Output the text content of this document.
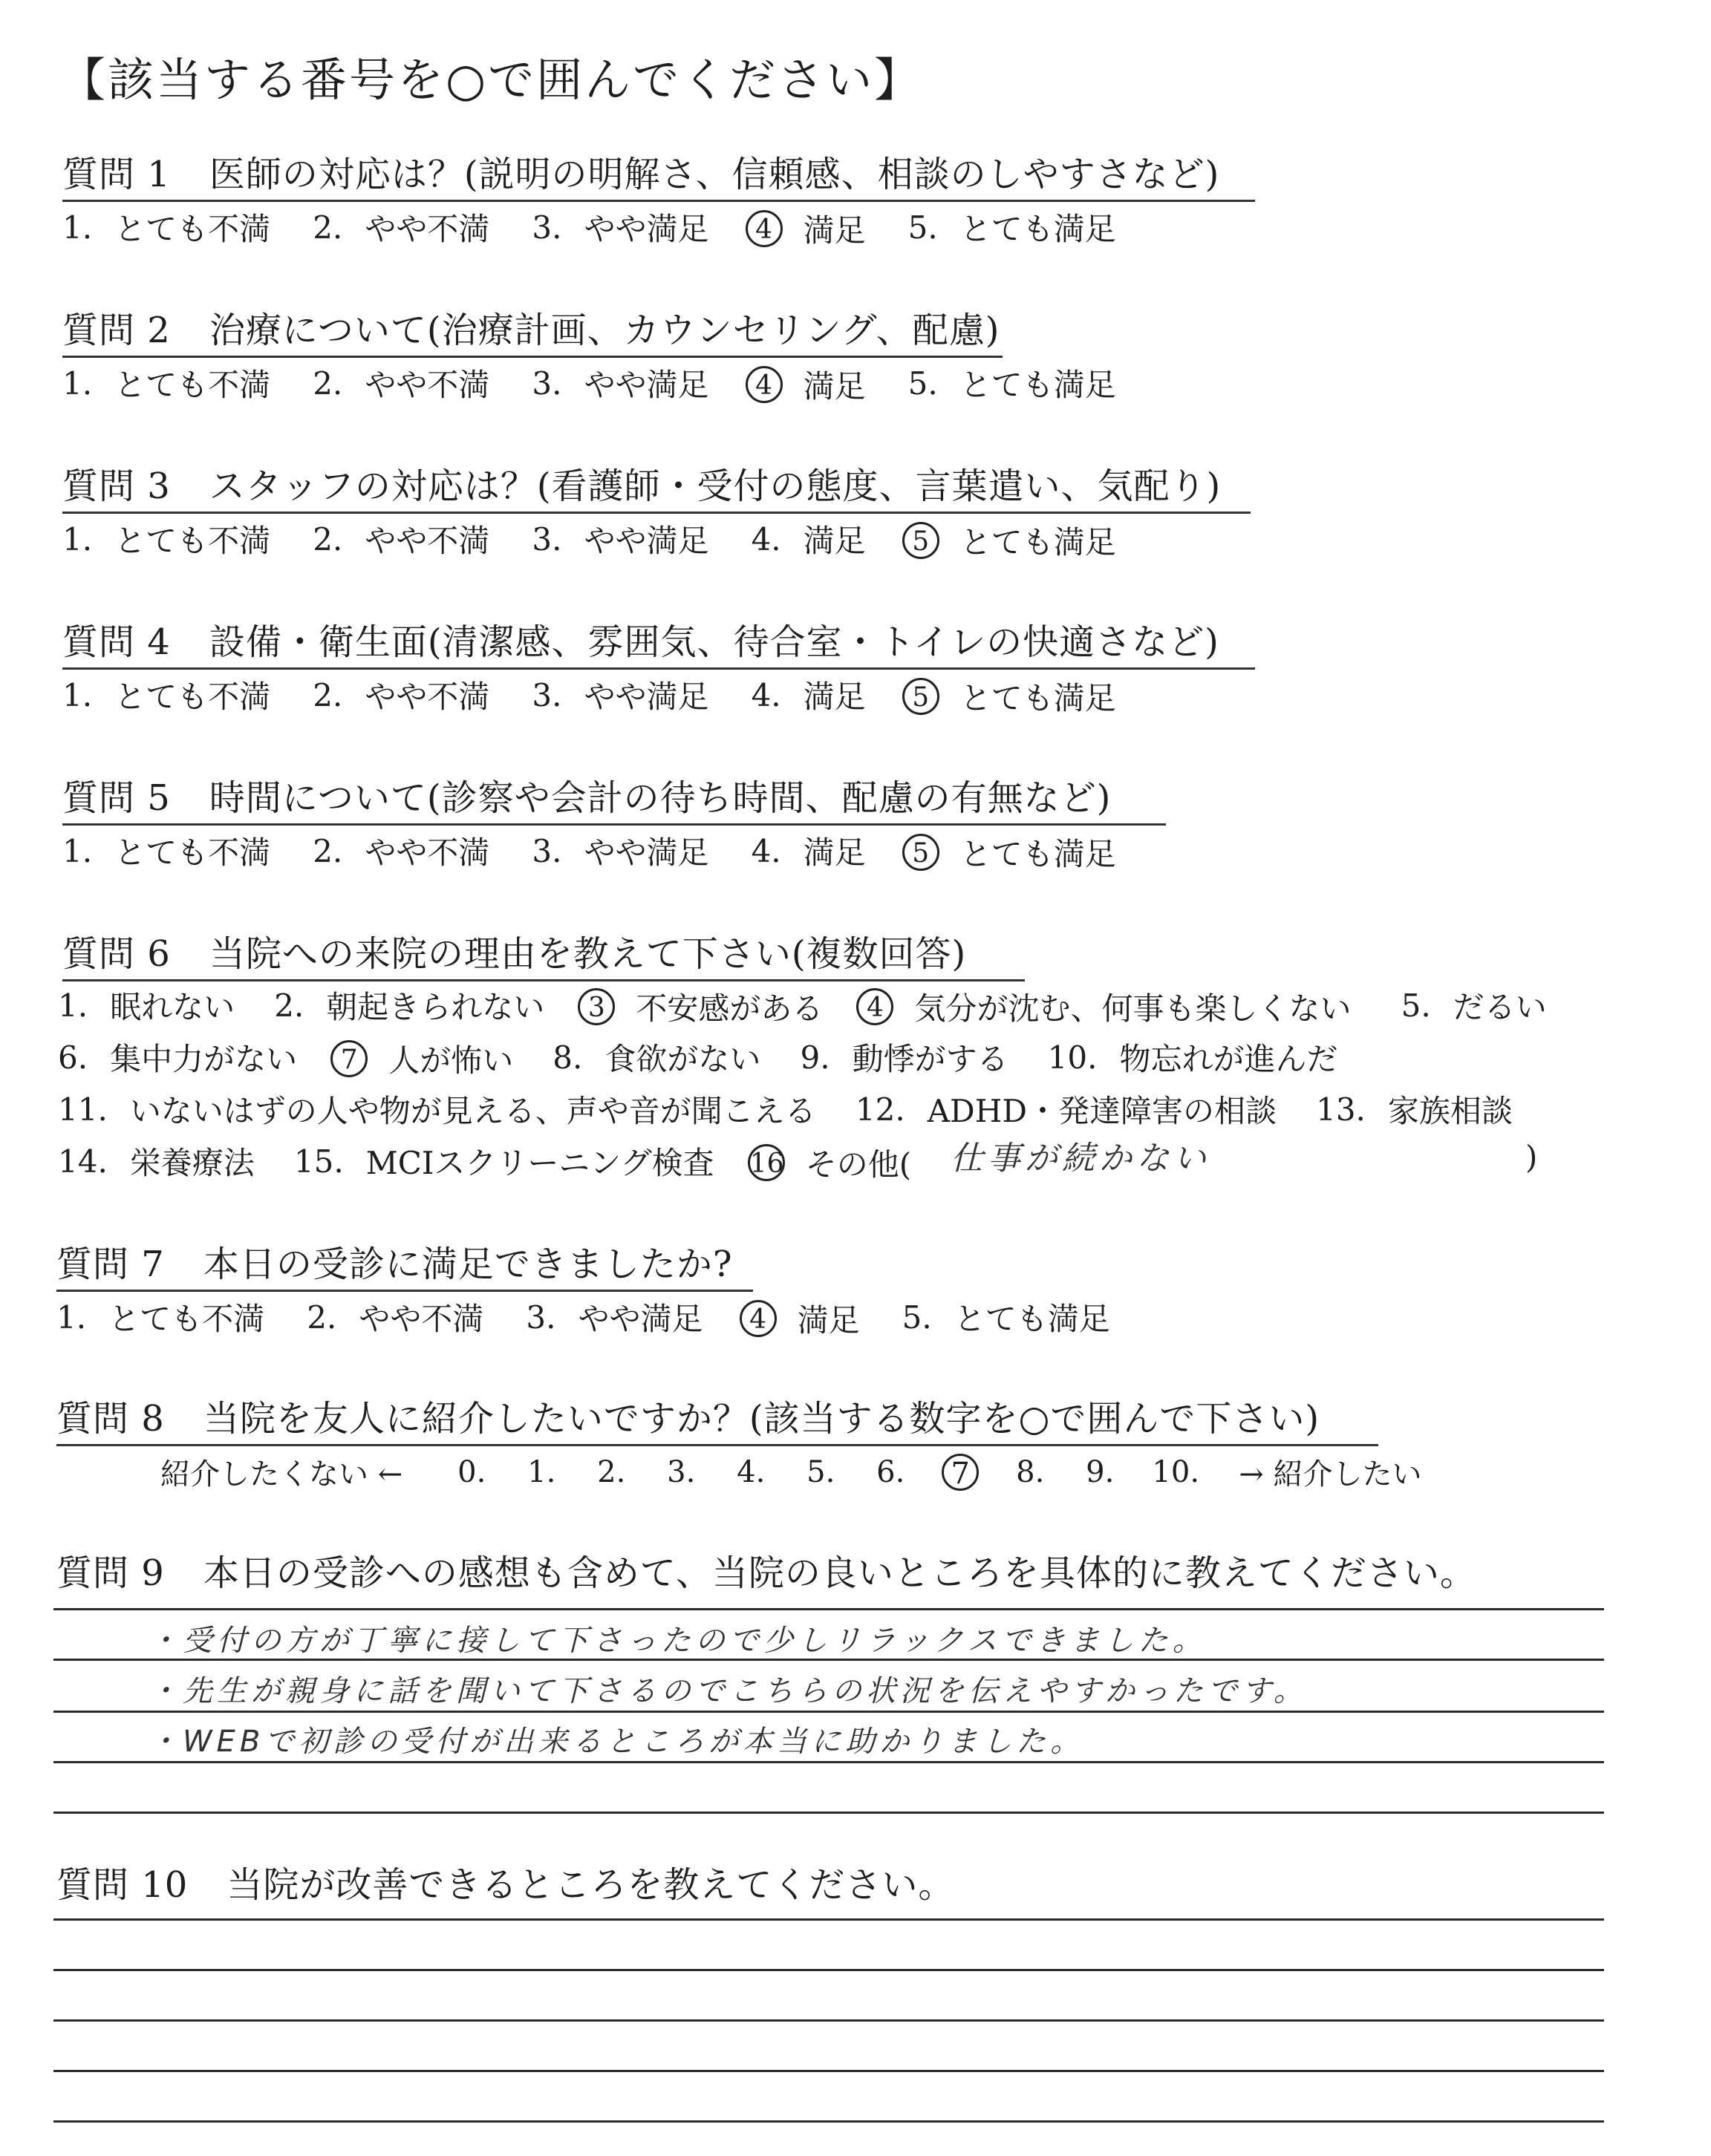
【該当する番号を○で囲んでください】
質問 1 医師の対応は？(説明の明解さ、信頼感、相談のしやすさなど)
1. とても不満
2. やや不満
3. やや満足
	4 満足
5. とても満足
質問 2 治療について(治療計画、カウンセリング、配慮)
1. とても不満
2. やや不満
3. やや満足
	4 満足
5. とても満足
質問 3 スタッフの対応は？(看護師・受付の態度、言葉遣い、気配り)
1. とても不満
2. やや不満
3. やや満足
4. 満足
	5 とても満足
質問 4 設備・衛生面(清潔感、雰囲気、待合室・トイレの快適さなど)
1. とても不満
2. やや不満
3. やや満足
4. 満足
	5 とても満足
質問 5 時間について(診察や会計の待ち時間、配慮の有無など)
1. とても不満
2. やや不満
3. やや満足
4. 満足
	5 とても満足
質問 6 当院への来院の理由を教えて下さい(複数回答)
1. 眠れない
2. 朝起きられない
	3 不安感がある
	4 気分が沈む、何事も楽しくない
5. だるい
6. 集中力がない
	7 人が怖い
8. 食欲がない
9. 動悸がする
10. 物忘れが進んだ
11. いないはずの人や物が見える、声や音が聞こえる
12. ADHD・発達障害の相談
13. 家族相談
14. 栄養療法
15. MCIスクリーニング検査
16 その他( 仕事が続かない	)
質問 7 本日の受診に満足できましたか?
1. とても不満
2. やや不満
3. やや満足
	4 満足
5. とても満足
質問 8 当院を友人に紹介したいですか？(該当する数字を○で囲んで下さい)
紹介したくない ←	0.	1.	2.	3.	4.	5.	6.	7	8.	9.	10.	→ 紹介したい
質問 9 本日の受診への感想も含めて、当院の良いところを具体的に教えてください。
・受付の方が丁寧に接して下さったので少しリラックスできました。
・先生が親身に話を聞いて下さるのでこちらの状況を伝えやすかったです。
・WEBで初診の受付が出来るところが本当に助かりました。
質問 10 当院が改善できるところを教えてください。
